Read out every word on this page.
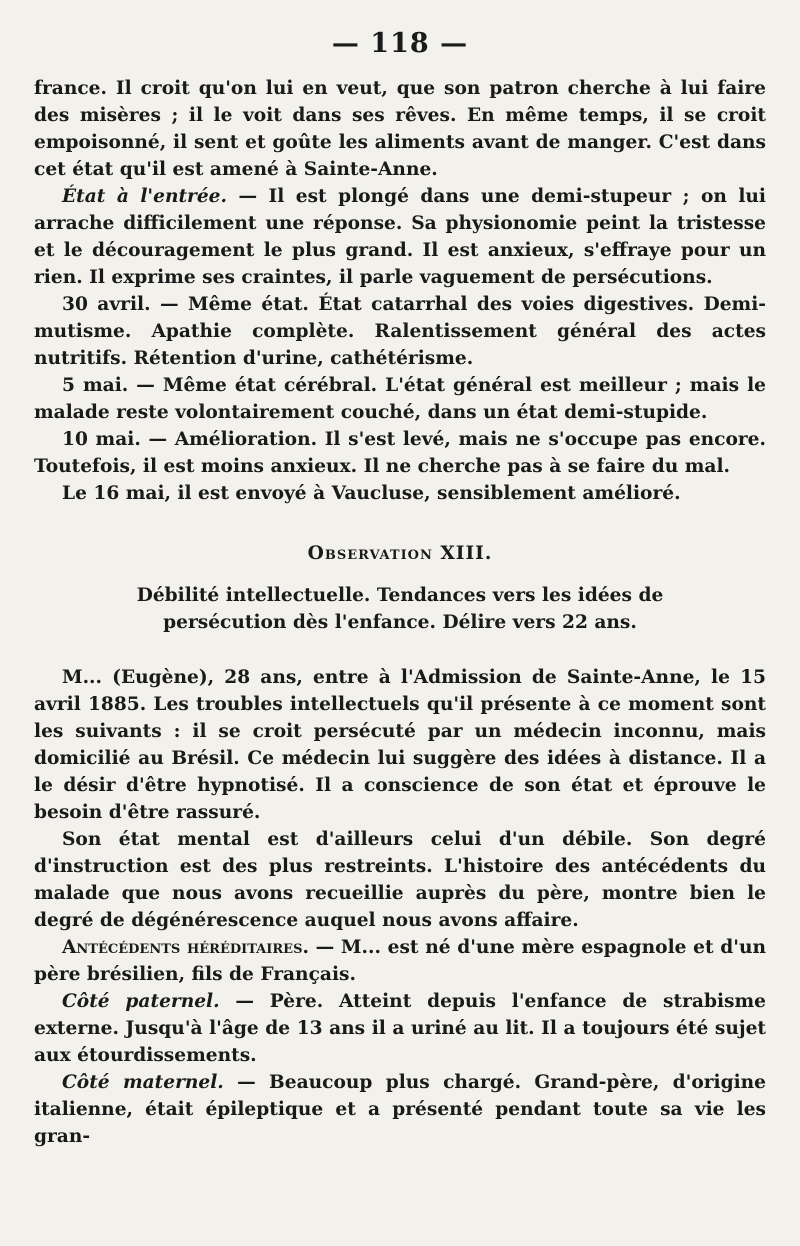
— 118 —

france. Il croit qu'on lui en veut, que son patron cherche à lui faire des misères ; il le voit dans ses rêves. En même temps, il se croit empoisonné, il sent et goûte les aliments avant de manger. C'est dans cet état qu'il est amené à Sainte-Anne.

État à l'entrée. — Il est plongé dans une demi-stupeur ; on lui arrache difficilement une réponse. Sa physionomie peint la tristesse et le découragement le plus grand. Il est anxieux, s'effraye pour un rien. Il exprime ses craintes, il parle vaguement de persécutions.

30 avril. — Même état. État catarrhal des voies digestives. Demi-mutisme. Apathie complète. Ralentissement général des actes nutritifs. Rétention d'urine, cathétérisme.

5 mai. — Même état cérébral. L'état général est meilleur ; mais le malade reste volontairement couché, dans un état demi-stupide.

10 mai. — Amélioration. Il s'est levé, mais ne s'occupe pas encore. Toutefois, il est moins anxieux. Il ne cherche pas à se faire du mal.

Le 16 mai, il est envoyé à Vaucluse, sensiblement amélioré.

Observation XIII.
Débilité intellectuelle. Tendances vers les idées de persécution dès l'enfance. Délire vers 22 ans.

M... (Eugène), 28 ans, entre à l'Admission de Sainte-Anne, le 15 avril 1885. Les troubles intellectuels qu'il présente à ce moment sont les suivants : il se croit persécuté par un médecin inconnu, mais domicilié au Brésil. Ce médecin lui suggère des idées à distance. Il a le désir d'être hypnotisé. Il a conscience de son état et éprouve le besoin d'être rassuré.

Son état mental est d'ailleurs celui d'un débile. Son degré d'instruction est des plus restreints. L'histoire des antécédents du malade que nous avons recueillie auprès du père, montre bien le degré de dégénérescence auquel nous avons affaire.

Antécédents héréditaires. — M... est né d'une mère espagnole et d'un père brésilien, fils de Français.

Côté paternel. — Père. Atteint depuis l'enfance de strabisme externe. Jusqu'à l'âge de 13 ans il a uriné au lit. Il a toujours été sujet aux étourdissements.

Côté maternel. — Beaucoup plus chargé. Grand-père, d'origine italienne, était épileptique et a présenté pendant toute sa vie les gran-
